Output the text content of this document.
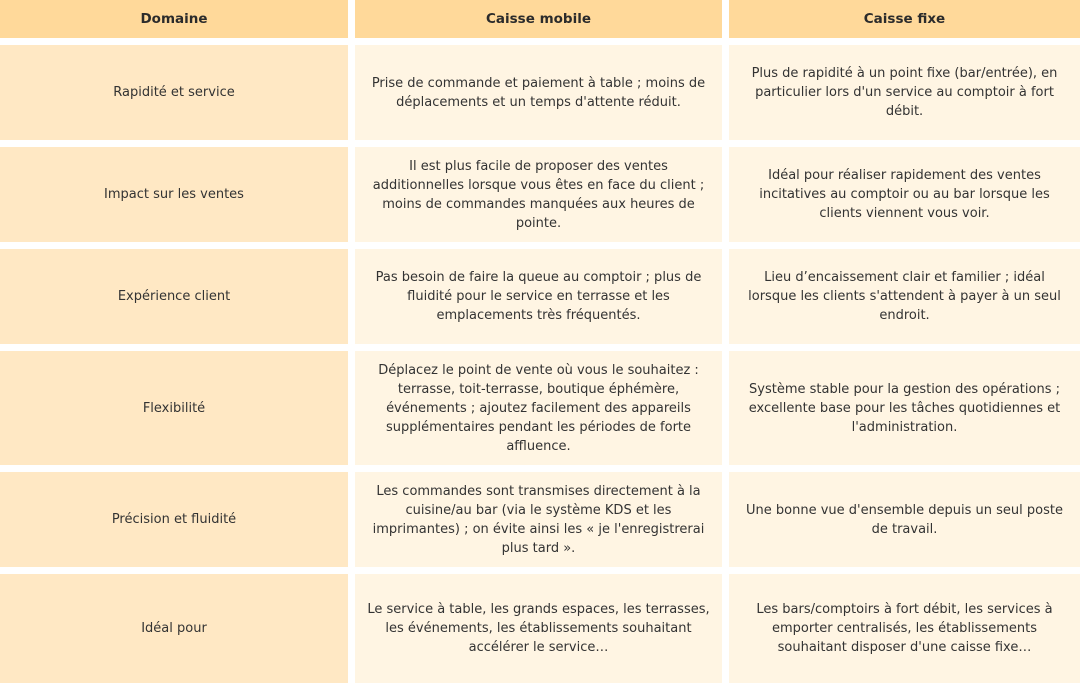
Domaine	Caisse mobile	Caisse fixe
Rapidité et service
Prise de commande et paiement à table ; moins de déplacements et un temps d'attente réduit.
Plus de rapidité à un point fixe (bar/entrée), en particulier lors d'un service au comptoir à fort débit.
Impact sur les ventes
Il est plus facile de proposer des ventes additionnelles lorsque vous êtes en face du client ; moins de commandes manquées aux heures de pointe.
Idéal pour réaliser rapidement des ventes incitatives au comptoir ou au bar lorsque les clients viennent vous voir.
Expérience client
Pas besoin de faire la queue au comptoir ; plus de fluidité pour le service en terrasse et les emplacements très fréquentés.
Lieu d’encaissement clair et familier ; idéal lorsque les clients s'attendent à payer à un seul endroit.
Flexibilité
Déplacez le point de vente où vous le souhaitez : terrasse, toit-terrasse, boutique éphémère, événements ; ajoutez facilement des appareils supplémentaires pendant les périodes de forte affluence.
Système stable pour la gestion des opérations ; excellente base pour les tâches quotidiennes et l'administration.
Précision et fluidité
Les commandes sont transmises directement à la cuisine/au bar (via le système KDS et les imprimantes) ; on évite ainsi les « je l'enregistrerai plus tard ».
Une bonne vue d'ensemble depuis un seul poste de travail.
Idéal pour
Le service à table, les grands espaces, les terrasses, les événements, les établissements souhaitant accélérer le service…
Les bars/comptoirs à fort débit, les services à emporter centralisés, les établissements souhaitant disposer d'une caisse fixe…
